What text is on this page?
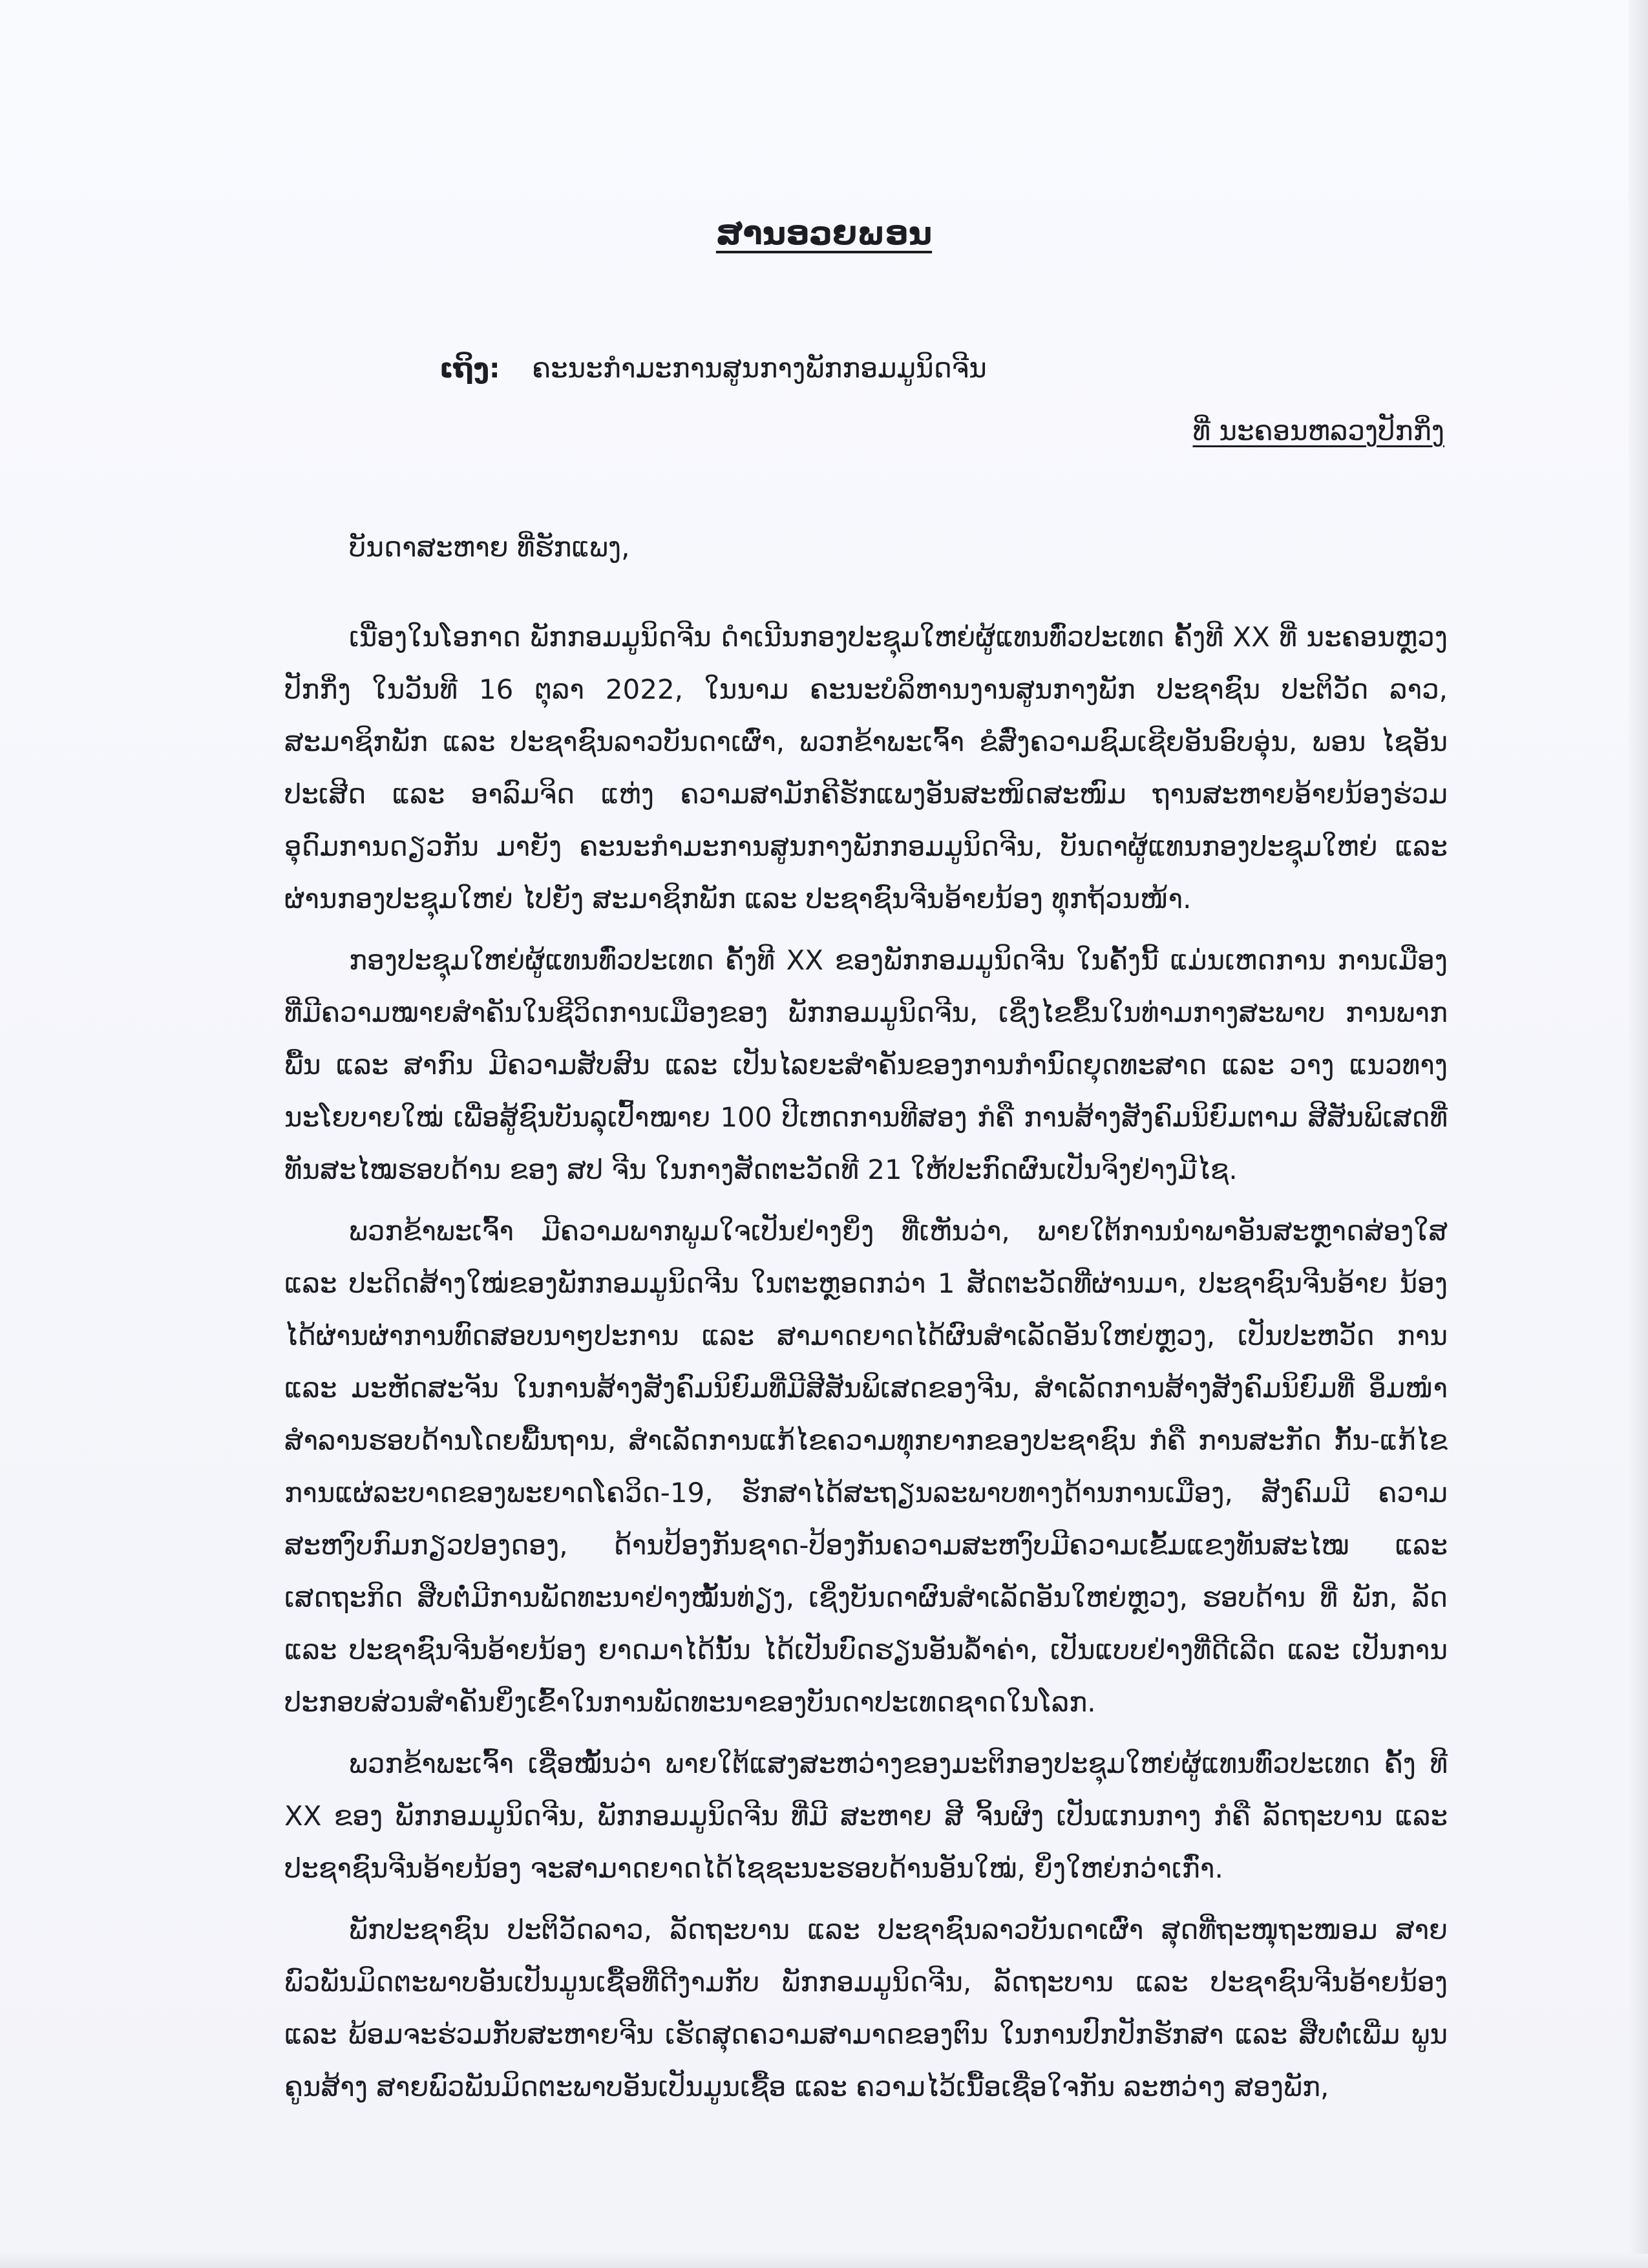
ສານອວຍພອນ
ເຖິງ: ຄະນະກຳມະການສູນກາງພັກກອມມູນິດຈີນ
ທີ່ ນະຄອນຫລວງປັກກິ່ງ
ບັນດາສະຫາຍ ທີ່ຮັກແພງ,

ເນື່ອງໃນໂອກາດ ພັກກອມມູນິດຈີນ ດຳເນີນກອງປະຊຸມໃຫຍ່ຜູ້ແທນທົ່ວປະເທດ ຄັ້ງທີ XX ທີ່ ນະຄອນຫຼວງປັກກິ່ງ ໃນວັນທີ 16 ຕຸລາ 2022, ໃນນາມ ຄະນະບໍລິຫານງານສູນກາງພັກ ປະຊາຊົນ ປະຕິວັດ ລາວ, ສະມາຊິກພັກ ແລະ ປະຊາຊົນລາວບັນດາເຜົ່າ, ພວກຂ້າພະເຈົ້າ ຂໍສົ່ງຄວາມຊົມເຊີຍອັນອົບອຸ່ນ, ພອນ ໄຊອັນປະເສີດ ແລະ ອາລົມຈິດ ແຫ່ງ ຄວາມສາມັກຄີຮັກແພງອັນສະໜິດສະໜົມ ຖານສະຫາຍອ້າຍນ້ອງຮ່ວມ ອຸດົມການດຽວກັນ ມາຍັງ ຄະນະກຳມະການສູນກາງພັກກອມມູນິດຈີນ, ບັນດາຜູ້ແທນກອງປະຊຸມໃຫຍ່ ແລະ ຜ່ານກອງປະຊຸມໃຫຍ່ ໄປຍັງ ສະມາຊິກພັກ ແລະ ປະຊາຊົນຈີນອ້າຍນ້ອງ ທຸກຖ້ວນໜ້າ.

ກອງປະຊຸມໃຫຍ່ຜູ້ແທນທົ່ວປະເທດ ຄັ້ງທີ XX ຂອງພັກກອມມູນິດຈີນ ໃນຄັ້ງນີ້ ແມ່ນເຫດການ ການເມືອງທີ່ມີຄວາມໝາຍສຳຄັນໃນຊີວິດການເມືອງຂອງ ພັກກອມມູນິດຈີນ, ເຊິ່ງໄຂຂຶ້ນໃນທ່າມກາງສະພາບ ການພາກພື້ນ ແລະ ສາກົນ ມີຄວາມສັບສົນ ແລະ ເປັນໄລຍະສຳຄັນຂອງການກຳນົດຍຸດທະສາດ ແລະ ວາງ ແນວທາງນະໂຍບາຍໃໝ່ ເພື່ອສູ້ຊົນບັນລຸເປົ້າໝາຍ 100 ປີເຫດການທີສອງ ກໍຄື ການສ້າງສັງຄົມນິຍົມຕາມ ສີສັນພິເສດທີ່ທັນສະໄໝຮອບດ້ານ ຂອງ ສປ ຈີນ ໃນກາງສັດຕະວັດທີ 21 ໃຫ້ປະກົດຜົນເປັນຈິງຢ່າງມີໄຊ.

ພວກຂ້າພະເຈົ້າ ມີຄວາມພາກພູມໃຈເປັນຢ່າງຍິ່ງ ທີ່ເຫັນວ່າ, ພາຍໃຕ້ການນຳພາອັນສະຫຼາດສ່ອງໃສ ແລະ ປະດິດສ້າງໃໝ່ຂອງພັກກອມມູນິດຈີນ ໃນຕະຫຼອດກວ່າ 1 ສັດຕະວັດທີ່ຜ່ານມາ, ປະຊາຊົນຈີນອ້າຍ ນ້ອງ ໄດ້ຜ່ານຜ່າການທົດສອບນາໆປະການ ແລະ ສາມາດຍາດໄດ້ຜົນສຳເລັດອັນໃຫຍ່ຫຼວງ, ເປັນປະຫວັດ ການ ແລະ ມະຫັດສະຈັນ ໃນການສ້າງສັງຄົມນິຍົມທີ່ມີສີສັນພິເສດຂອງຈີນ, ສຳເລັດການສ້າງສັງຄົມນິຍົມທີ່ ອິ່ມໜຳສຳລານຮອບດ້ານໂດຍພື້ນຖານ, ສຳເລັດການແກ້ໄຂຄວາມທຸກຍາກຂອງປະຊາຊົນ ກໍຄື ການສະກັດ ກັ້ນ-ແກ້ໄຂການແຜ່ລະບາດຂອງພະຍາດໂຄວິດ-19, ຮັກສາໄດ້ສະຖຽນລະພາບທາງດ້ານການເມືອງ, ສັງຄົມມີ ຄວາມສະຫງົບກົມກຽວປອງດອງ, ດ້ານປ້ອງກັນຊາດ-ປ້ອງກັນຄວາມສະຫງົບມີຄວາມເຂັ້ມແຂງທັນສະໄໝ ແລະ ເສດຖະກິດ ສືບຕໍ່ມີການພັດທະນາຢ່າງໝັ້ນທ່ຽງ, ເຊິ່ງບັນດາຜົນສຳເລັດອັນໃຫຍ່ຫຼວງ, ຮອບດ້ານ ທີ່ ພັກ, ລັດ ແລະ ປະຊາຊົນຈີນອ້າຍນ້ອງ ຍາດມາໄດ້ນັ້ນ ໄດ້ເປັນບົດຮຽນອັນລ້ຳຄ່າ, ເປັນແບບຢ່າງທີ່ດີເລີດ ແລະ ເປັນການປະກອບສ່ວນສຳຄັນຍິ່ງເຂົ້າໃນການພັດທະນາຂອງບັນດາປະເທດຊາດໃນໂລກ.

ພວກຂ້າພະເຈົ້າ ເຊື່ອໝັ້ນວ່າ ພາຍໃຕ້ແສງສະຫວ່າງຂອງມະຕິກອງປະຊຸມໃຫຍ່ຜູ້ແທນທົ່ວປະເທດ ຄັ້ງ ທີ XX ຂອງ ພັກກອມມູນິດຈີນ, ພັກກອມມູນິດຈີນ ທີ່ມີ ສະຫາຍ ສີ ຈິ້ນຜິງ ເປັນແກນກາງ ກໍຄື ລັດຖະບານ ແລະ ປະຊາຊົນຈີນອ້າຍນ້ອງ ຈະສາມາດຍາດໄດ້ໄຊຊະນະຮອບດ້ານອັນໃໝ່, ຍິ່ງໃຫຍ່ກວ່າເກົ່າ.

ພັກປະຊາຊົນ ປະຕິວັດລາວ, ລັດຖະບານ ແລະ ປະຊາຊົນລາວບັນດາເຜົ່າ ສຸດທີ່ຖະໜຸຖະໜອມ ສາຍ ພົວພັນມິດຕະພາບອັນເປັນມູນເຊື້ອທີ່ດີງາມກັບ ພັກກອມມູນິດຈີນ, ລັດຖະບານ ແລະ ປະຊາຊົນຈີນອ້າຍນ້ອງ ແລະ ພ້ອມຈະຮ່ວມກັບສະຫາຍຈີນ ເຮັດສຸດຄວາມສາມາດຂອງຕົນ ໃນການປົກປັກຮັກສາ ແລະ ສືບຕໍ່ເພີ່ມ ພູນຄູນສ້າງ ສາຍພົວພັນມິດຕະພາບອັນເປັນມູນເຊື້ອ ແລະ ຄວາມໄວ້ເນື້ອເຊື່ອໃຈກັນ ລະຫວ່າງ ສອງພັກ,
